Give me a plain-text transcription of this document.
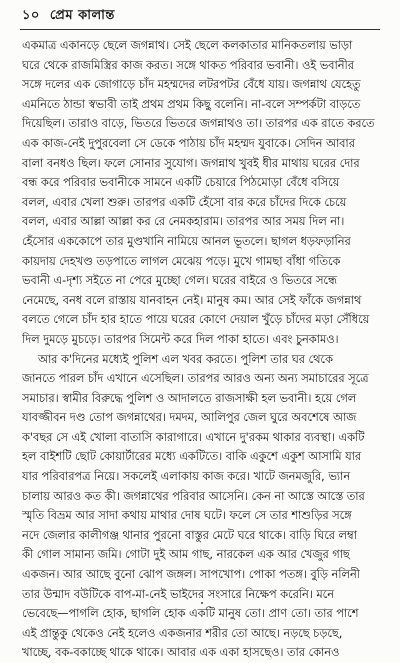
১০ প্রেম কালান্ত
একমাত্র একানড়ে ছেলে জগন্নাথ। সেই ছেলে কলকাতার মানিকতলায় ভাড়া
ঘরে থেকে রাজমিস্ত্রির কাজ করত। সঙ্গে থাকত পরিবার ভবানী। ওই ভবানীর
সঙ্গে দলের এক জোগাড়ে চাঁদ মহম্মদের লটরপটর বেঁধে যায়। জগন্নাথ যেহেতু
এমনিতে ঠান্ডা স্বভাবী তাই প্রথম প্রথম কিছু বলেনি। না-বলে সম্পর্কটা বাড়তে
দিয়েছিল। তারাও বাড়ে, ভিতরে ভিতরে জগন্নাথও তা। তারপর এক রাতে করতে
এক কাজ-নেই দুপুরবেলা সে ডেকে পাঠায় চাঁদ মহম্মদ যুবাকে। সেদিন আবার
বালা বনধও ছিল। ফলে সোনার সুযোগ। জগন্নাথ খুবই ধীর মাথায় ঘরের দোর
বন্ধ করে পরিবার ভবানীকে সামনে একটি চেয়ারে পিঠমোড়া বেঁধে বসিয়ে
বলল, এবার খেলা শুরু। তারপর একটি হেঁসো বার করে চাঁদের দিকে চেয়ে
বলল, এবার আল্লা আল্লা কর রে নেমকহারাম। তারপর আর সময় দিল না।
হেঁসোর এককোপে তার মুণ্ডখানি নামিয়ে আনল ভূতলে। ছাগল ধড়ফড়ানির
কায়দায় দেহখণ্ড তড়পাতে লাগল মেঝেয় পড়ে। মুখে গামছা বাঁধা গতিকে
ভবানী এ-দৃশ্য সইতে না পেরে মুচ্ছো গেল। ঘরের বাইরে ও ভিতরে সন্ধে
নেমেছে, বনধ বলে রাস্তায় যানবাহন নেই। মানুষ কম। আর সেই ফাঁকে জগন্নাথ
বলতে গেলে চাঁদ হার হাতে পায়ে ঘরের কোণে দেয়াল খুঁড়ে চাঁদের মড়া সেঁধিয়ে
দিল দুমড়ে মুচড়ে। তারপর সিমেন্ট করে দিল পাকা হাতে। এবং চুনকামও।
আর ক'দিনের মধ্যেই পুলিশ এল খবর করতে। পুলিশ তার ঘর থেকে
জানতে পারল চাঁদ এখানে এসেছিল। তারপর আরও অন্য অন্য সমাচারের সূত্রে
সমাচার। স্বামীর বিরুদ্ধে পুলিশ ও আদালতে রাজসাক্ষী হল ভবানী। হয়ে গেল
যাবজ্জীবন দণ্ড তোপ জগন্নাথের। দমদম, আলিপুর জেল ঘুরে অবশেষে আজ
ক'বছর সে এই খোলা বাতাসি কারাগারে। এখানে দু'রকম থাকার ব্যবস্থা। একটি
হল বাইশটি ছোট কোয়ার্টারের মধ্যে একটিতে। বাকি একুশে একুশ আসামি যার
যার পরিবারপত্র নিয়ে। সকলেই এলাকায় কাজ করে। খাটে জনমজুরি, ভ্যান
চালায় আরও কত কী। জগন্নাথের পরিবার আসেনি। কেন না আস্তে আস্তে তার
স্মৃতি বিভ্রম আর সাদা কথায় মাথার দোষ ঘটে। ফলে সে তার শাশুড়ির সঙ্গে
নদে জেলার কালীগঞ্জ থানার পুরনো বাস্তুর মেটে ঘরে থাকে। বাড়ি ঘিরে লম্বা
কী গোল সামান্য জমি। গোটা দুই আম গাছ, নারকেল এক আর খেজুর গাছ
একজন। আর আছে বুনো ঝোপ জঙ্গল। সাপখোপ। পোকা পতঙ্গ। বুড়ি নলিনী
তার উন্মাদ বউটিকে বাপ-মা-নেই ভাইদের সংসারে নিক্ষেপ করেনি। মনে
ভেবেছে—পাগলি হোক, ছাগলি হোক একটি মানুষ তো। প্রাণ তো। তার পাশে
এই প্রান্তুকু থেকেও নেই হলেও একজনার শরীর তো আছে। নড়ছে চড়ছে,
খাচ্ছে, বক-বকাচ্ছে থাকে থাকে। আবার এক একা হাসছেও। তার কোনও
